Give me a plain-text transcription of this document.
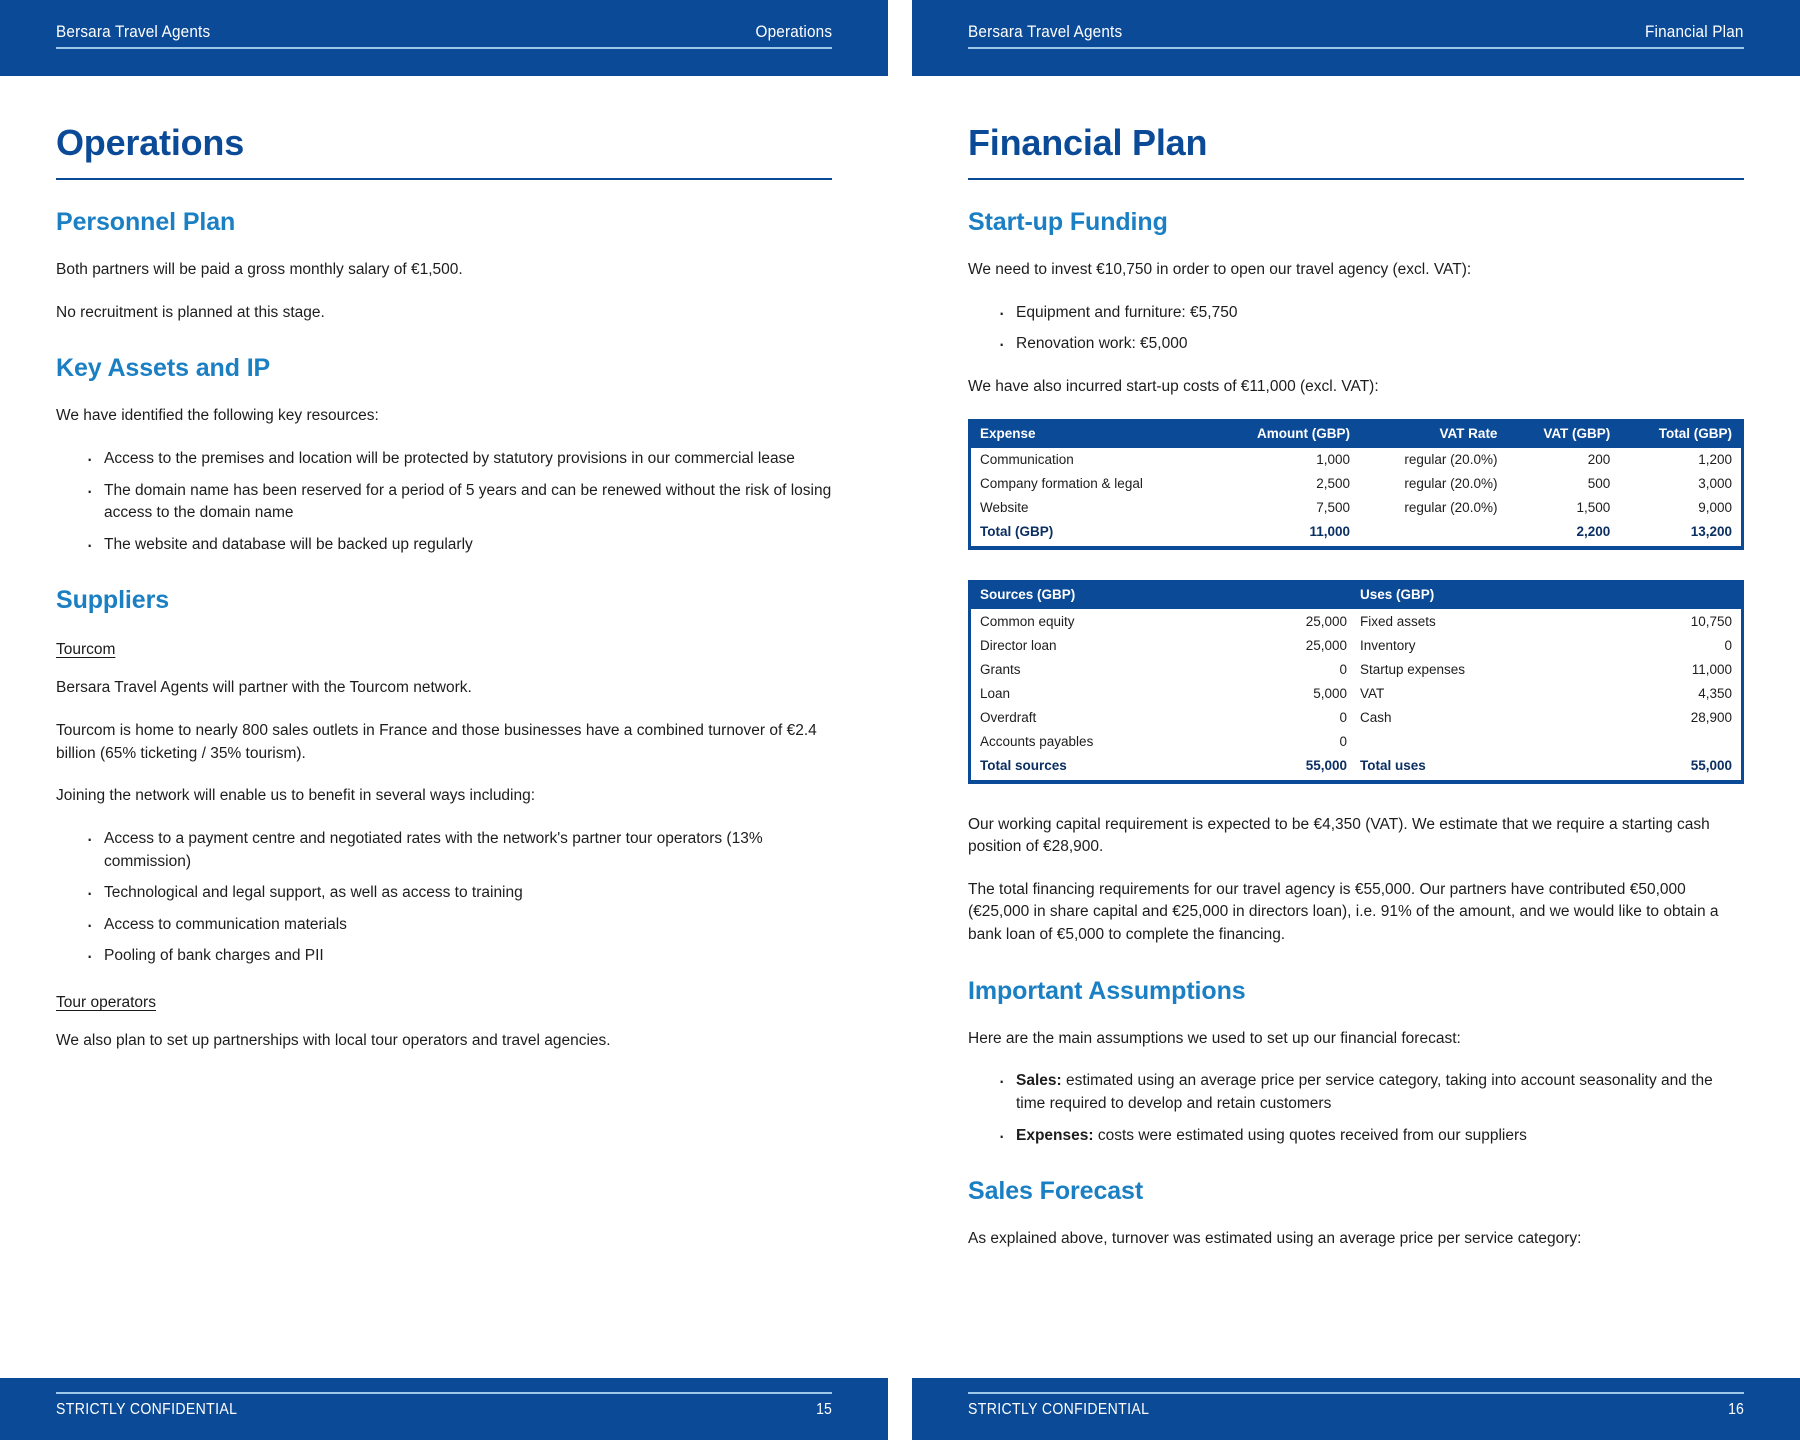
Bersara Travel Agents	Operations
Operations
Personnel Plan

Both partners will be paid a gross monthly salary of €1,500.

No recruitment is planned at this stage.

Key Assets and IP

We have identified the following key resources:

· Access to the premises and location will be protected by statutory provisions in our commercial lease
· The domain name has been reserved for a period of 5 years and can be renewed without the risk of losing access to the domain name
· The website and database will be backed up regularly
Suppliers
Tourcom

Bersara Travel Agents will partner with the Tourcom network.

Tourcom is home to nearly 800 sales outlets in France and those businesses have a combined turnover of €2.4 billion (65% ticketing / 35% tourism).

Joining the network will enable us to benefit in several ways including:

· Access to a payment centre and negotiated rates with the network's partner tour operators (13% commission)
· Technological and legal support, as well as access to training
· Access to communication materials
· Pooling of bank charges and PII
Tour operators

We also plan to set up partnerships with local tour operators and travel agencies.

STRICTLY CONFIDENTIAL	15
Bersara Travel Agents	Financial Plan
Financial Plan
Start-up Funding

We need to invest €10,750 in order to open our travel agency (excl. VAT):

· Equipment and furniture: €5,750
· Renovation work: €5,000

We have also incurred start-up costs of €11,000 (excl. VAT):

Expense	Amount (GBP)	VAT Rate	VAT (GBP)	Total (GBP)
Communication	1,000	regular (20.0%)	200	1,200
Company formation & legal	2,500	regular (20.0%)	500	3,000
Website	7,500	regular (20.0%)	1,500	9,000
Total (GBP)	11,000		2,200	13,200
Sources (GBP)		Uses (GBP)	
Common equity	25,000	Fixed assets	10,750
Director loan	25,000	Inventory	0
Grants	0	Startup expenses	11,000
Loan	5,000	VAT	4,350
Overdraft	0	Cash	28,900
Accounts payables	0		
Total sources	55,000	Total uses	55,000

Our working capital requirement is expected to be €4,350 (VAT). We estimate that we require a starting cash position of €28,900.

The total financing requirements for our travel agency is €55,000. Our partners have contributed €50,000 (€25,000 in share capital and €25,000 in directors loan), i.e. 91% of the amount, and we would like to obtain a bank loan of €5,000 to complete the financing.

Important Assumptions

Here are the main assumptions we used to set up our financial forecast:

· Sales: estimated using an average price per service category, taking into account seasonality and the time required to develop and retain customers
· Expenses: costs were estimated using quotes received from our suppliers
Sales Forecast

As explained above, turnover was estimated using an average price per service category:

STRICTLY CONFIDENTIAL	16
